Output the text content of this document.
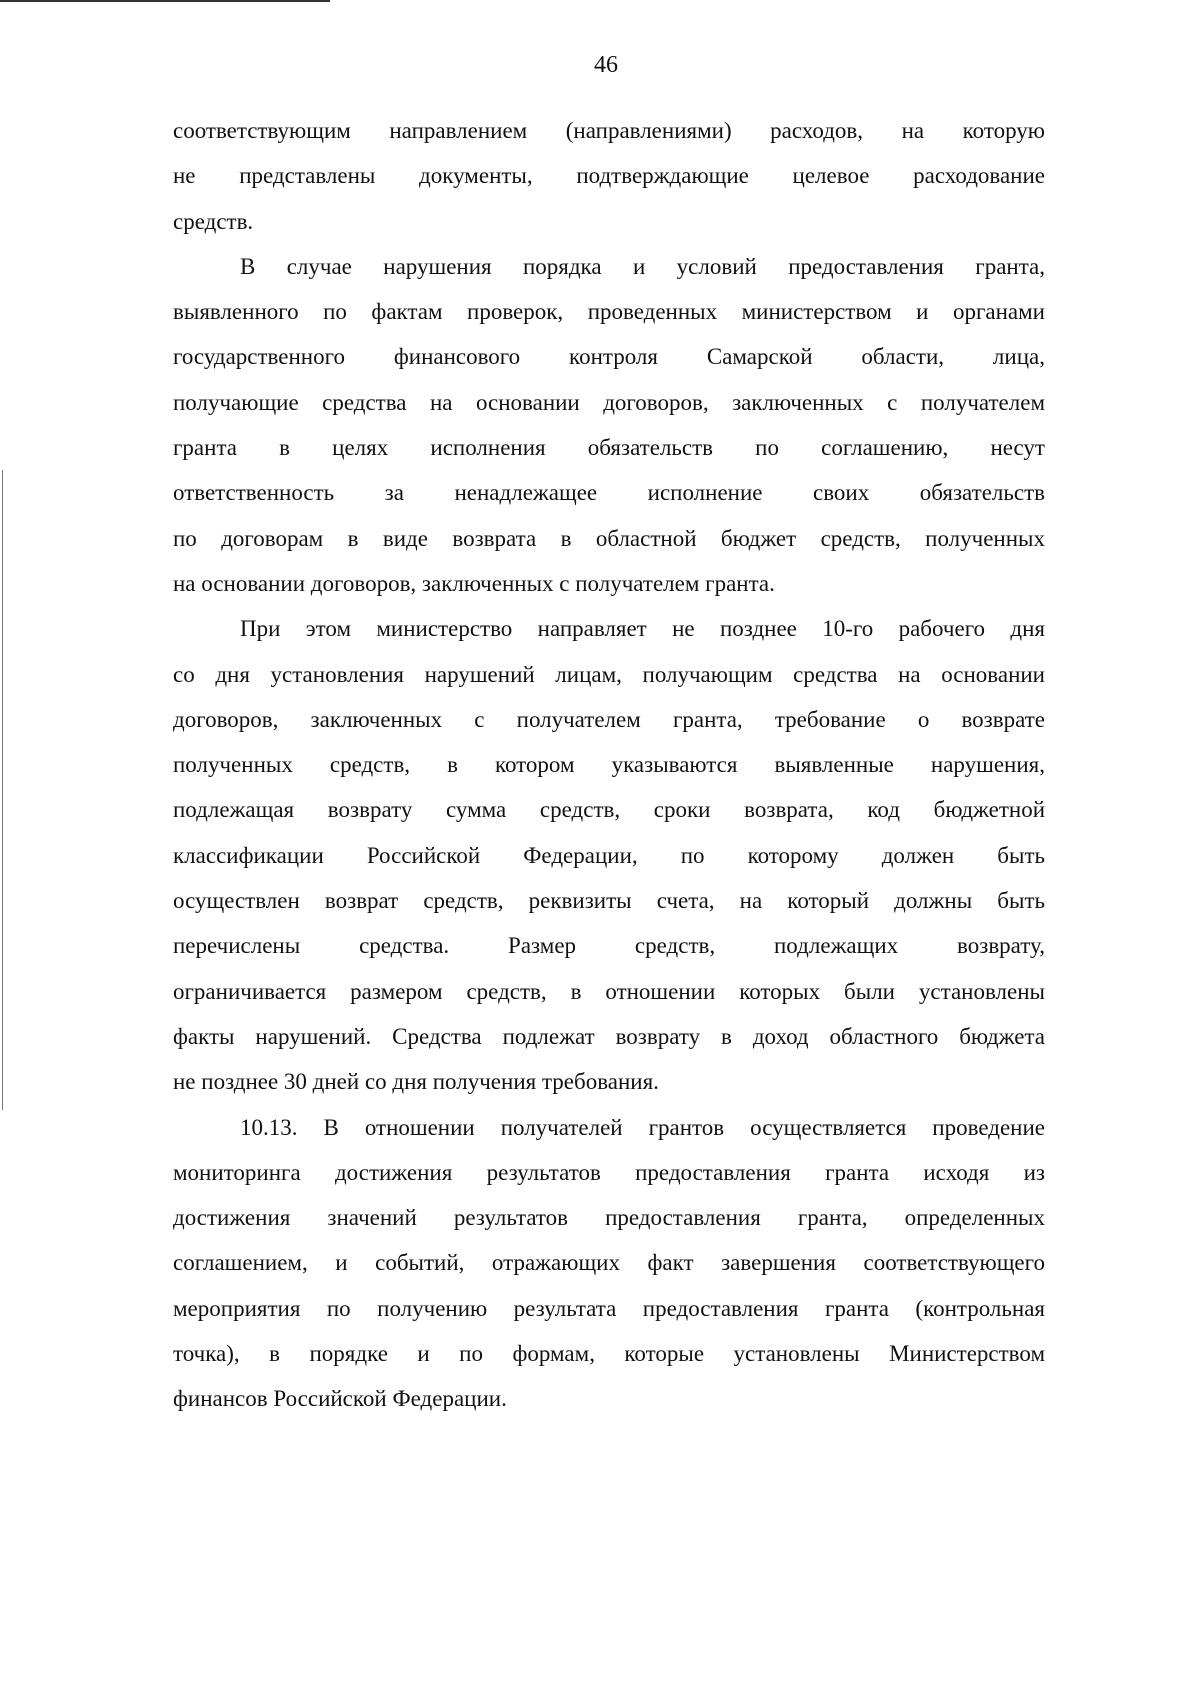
46
соответствующим направлением (направлениями) расходов, на которую
не представлены документы, подтверждающие целевое расходование
средств.
В случае нарушения порядка и условий предоставления гранта,
выявленного по фактам проверок, проведенных министерством и органами
государственного финансового контроля Самарской области, лица,
получающие средства на основании договоров, заключенных с получателем
гранта в целях исполнения обязательств по соглашению, несут
ответственность за ненадлежащее исполнение своих обязательств
по договорам в виде возврата в областной бюджет средств, полученных
на основании договоров, заключенных с получателем гранта.
При этом министерство направляет не позднее 10-го рабочего дня
со дня установления нарушений лицам, получающим средства на основании
договоров, заключенных с получателем гранта, требование о возврате
полученных средств, в котором указываются выявленные нарушения,
подлежащая возврату сумма средств, сроки возврата, код бюджетной
классификации Российской Федерации, по которому должен быть
осуществлен возврат средств, реквизиты счета, на который должны быть
перечислены средства. Размер средств, подлежащих возврату,
ограничивается размером средств, в отношении которых были установлены
факты нарушений. Средства подлежат возврату в доход областного бюджета
не позднее 30 дней со дня получения требования.
10.13. В отношении получателей грантов осуществляется проведение
мониторинга достижения результатов предоставления гранта исходя из
достижения значений результатов предоставления гранта, определенных
соглашением, и событий, отражающих факт завершения соответствующего
мероприятия по получению результата предоставления гранта (контрольная
точка), в порядке и по формам, которые установлены Министерством
финансов Российской Федерации.
